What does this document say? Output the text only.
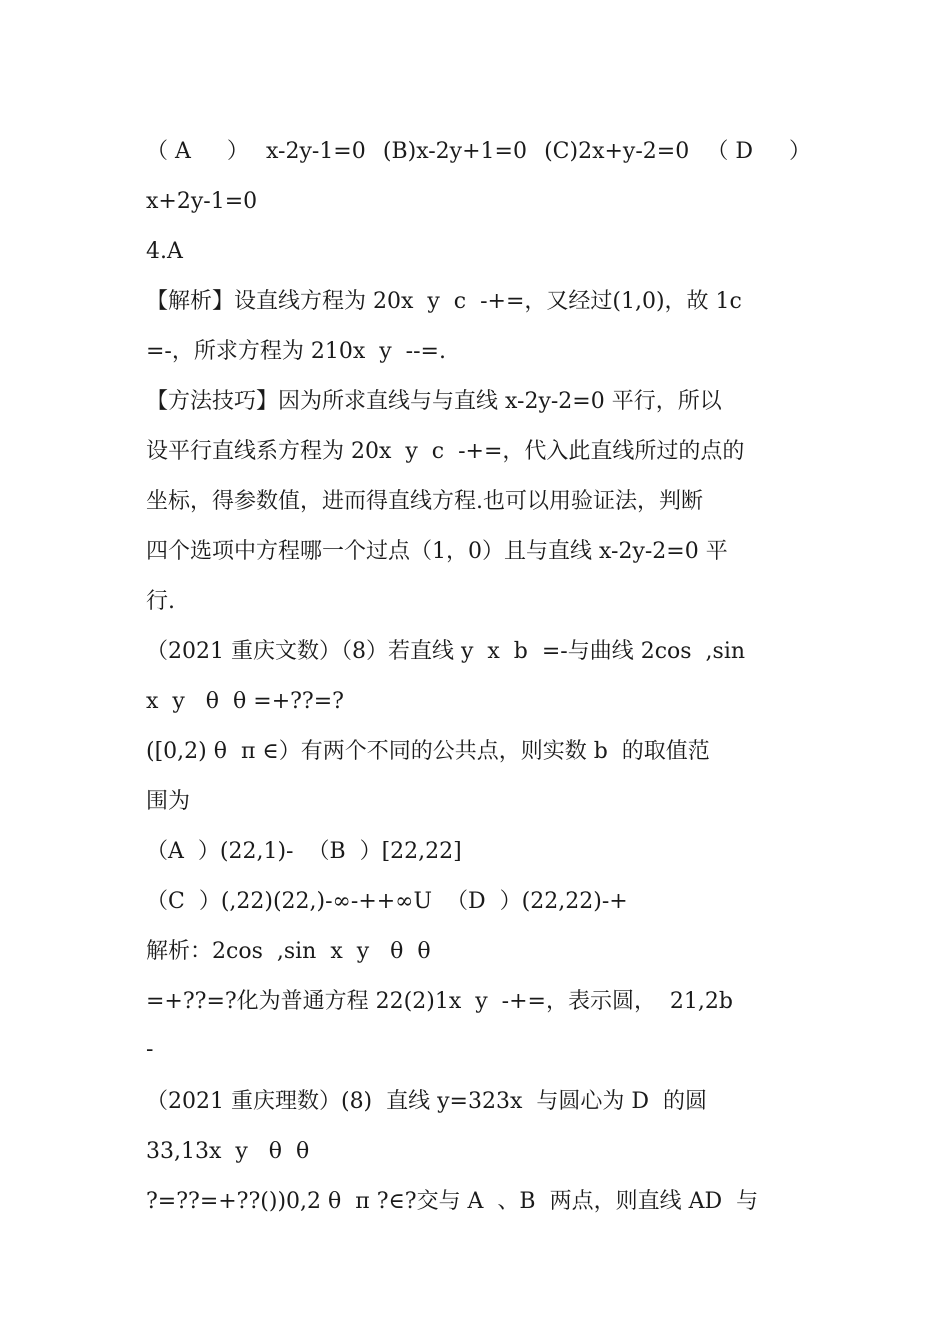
（ A 　 ） x-2y-1=0 (B)x-2y+1=0 (C)2x+y-2=0 （ D 　 ）
x+2y-1=0
4.A
【解析】设直线方程为 20x  y  c  -+=，又经过(1,0)，故 1c
=-，所求方程为 210x  y  --=.
【方法技巧】因为所求直线与与直线 x-2y-2=0 平行，所以
设平行直线系方程为 20x  y  c  -+=，代入此直线所过的点的
坐标，得参数值，进而得直线方程.也可以用验证法，判断
四个选项中方程哪一个过点（1，0）且与直线 x-2y-2=0 平
行.
（2021 重庆文数）（8）若直线 y  x  b  =-与曲线 2cos  ,sin
x  y   θ  θ =+??=?
([0,2) θ  π ∈）有两个不同的公共点，则实数 b  的取值范
围为
（A  ）(22,1)-  （B  ）[22,22]
（C  ）(,22)(22,)-∞-++∞U  （D  ）(22,22)-+
解析：2cos  ,sin  x  y   θ  θ
=+??=?化为普通方程 22(2)1x  y  -+=，表示圆，  21,2b
-
（2021 重庆理数）(8)  直线 y=323x  与圆心为 D  的圆
33,13x  y   θ  θ
?=??=+??())0,2 θ  π ?∈?交与 A  、B  两点，则直线 AD  与
